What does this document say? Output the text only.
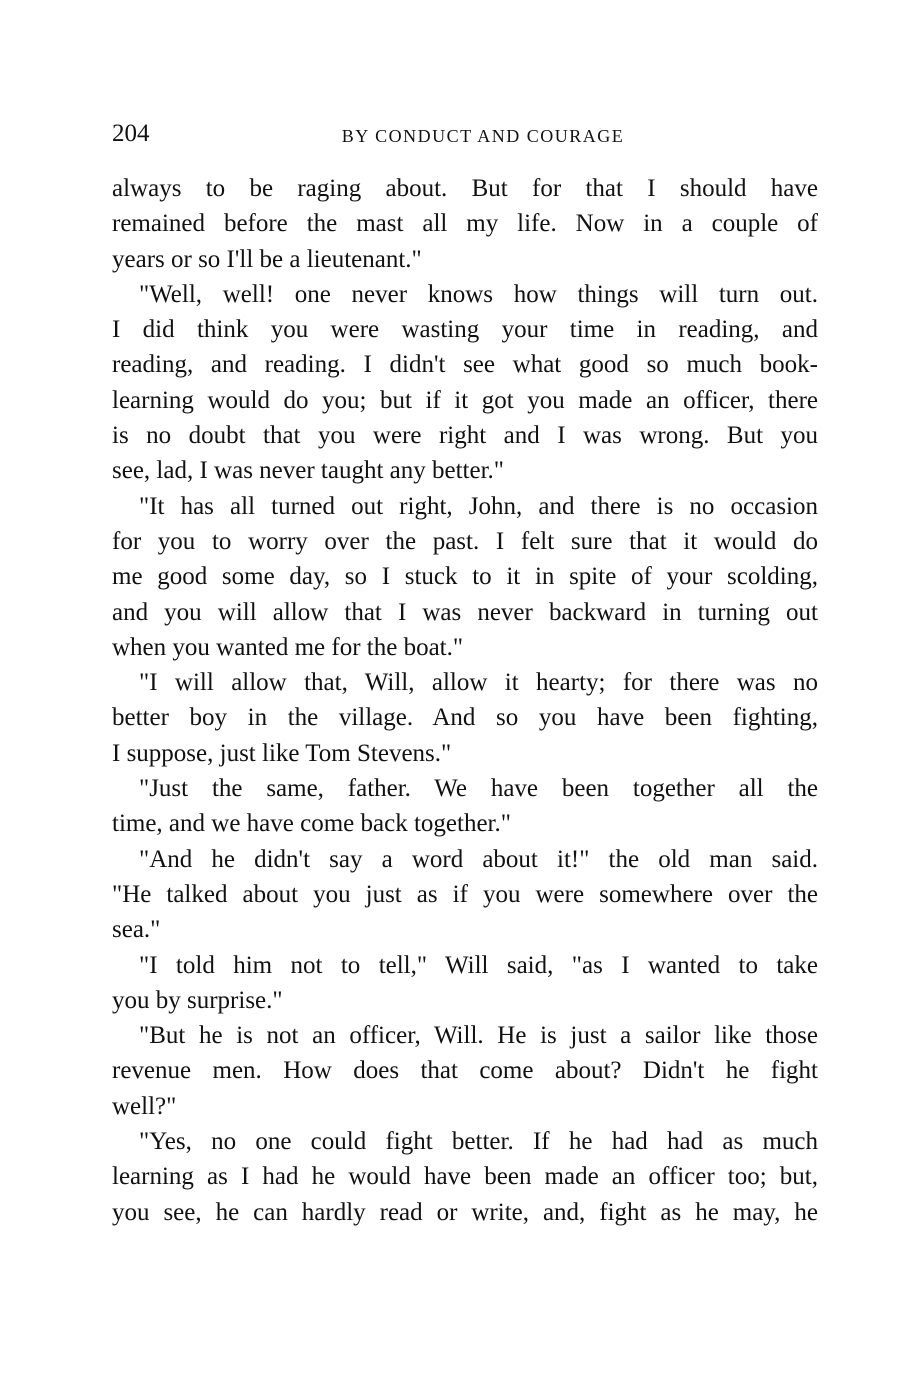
204	BY CONDUCT AND COURAGE
always to be raging about. But for that I should have
remained before the mast all my life. Now in a couple of
years or so I'll be a lieutenant."
"Well, well! one never knows how things will turn out.
I did think you were wasting your time in reading, and
reading, and reading. I didn't see what good so much book-
learning would do you; but if it got you made an officer, there
is no doubt that you were right and I was wrong. But you
see, lad, I was never taught any better."
"It has all turned out right, John, and there is no occasion
for you to worry over the past. I felt sure that it would do
me good some day, so I stuck to it in spite of your scolding,
and you will allow that I was never backward in turning out
when you wanted me for the boat."
"I will allow that, Will, allow it hearty; for there was no
better boy in the village. And so you have been fighting,
I suppose, just like Tom Stevens."
"Just the same, father. We have been together all the
time, and we have come back together."
"And he didn't say a word about it!" the old man said.
"He talked about you just as if you were somewhere over the
sea."
"I told him not to tell," Will said, "as I wanted to take
you by surprise."
"But he is not an officer, Will. He is just a sailor like those
revenue men. How does that come about? Didn't he fight
well?"
"Yes, no one could fight better. If he had had as much
learning as I had he would have been made an officer too; but,
you see, he can hardly read or write, and, fight as he may, he
